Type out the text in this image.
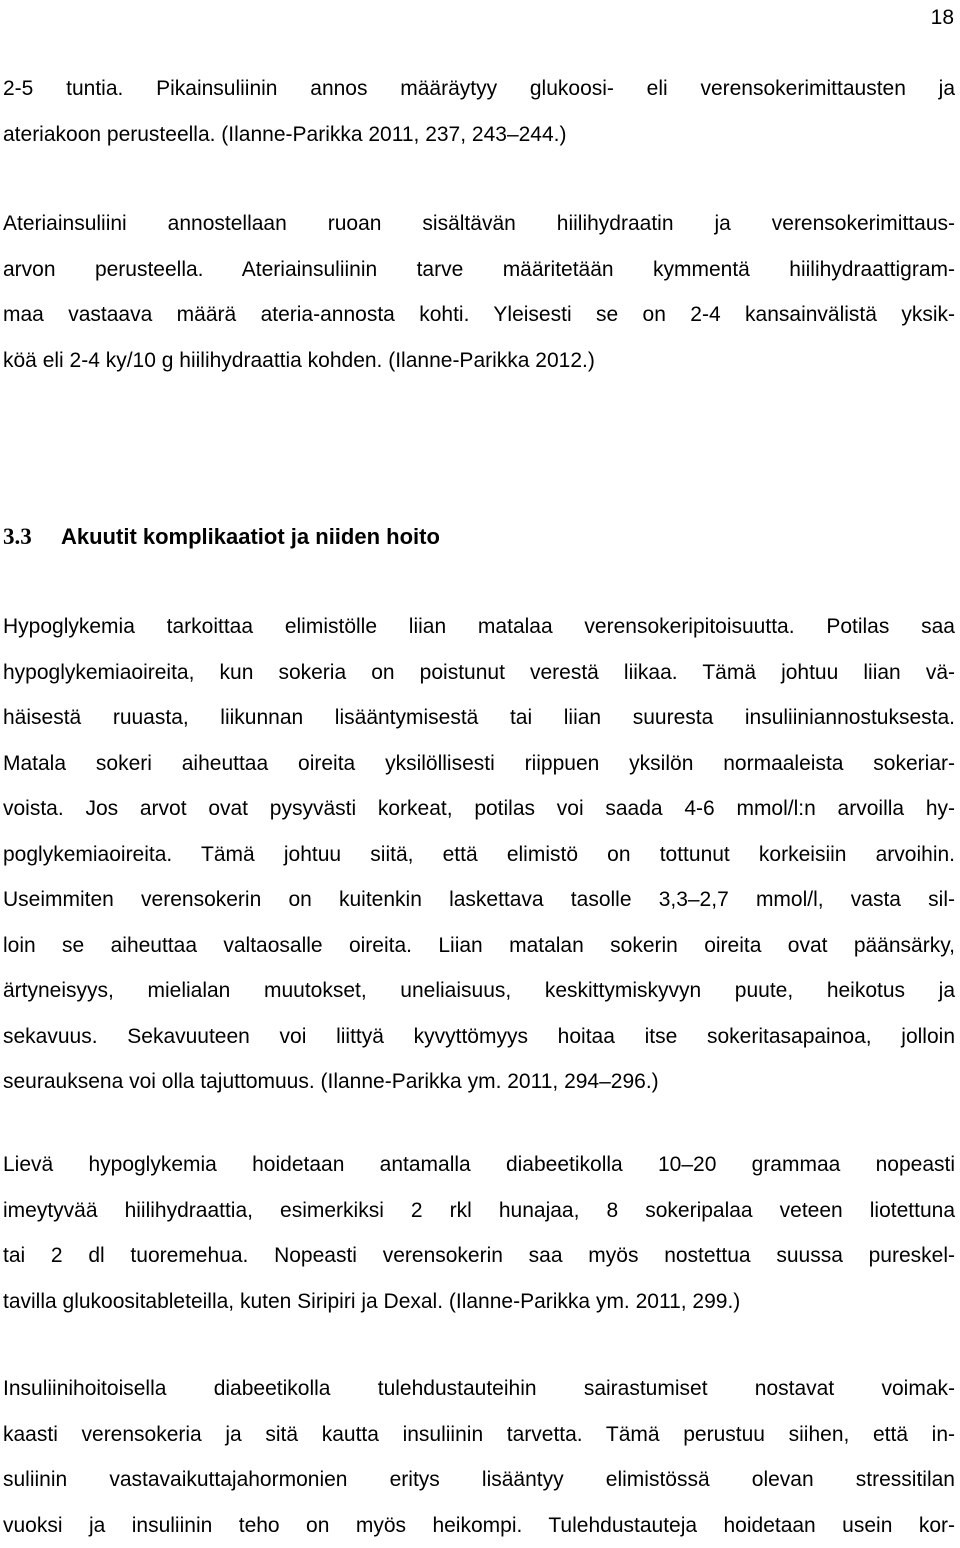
18
2-5 tuntia. Pikainsuliinin annos määräytyy glukoosi- eli verensokerimittausten ja
ateriakoon perusteella. (Ilanne-Parikka 2011, 237, 243–244.)
Ateriainsuliini annostellaan ruoan sisältävän hiilihydraatin ja verensokerimittaus-
arvon perusteella. Ateriainsuliinin tarve määritetään kymmentä hiilihydraattigram-
maa vastaava määrä ateria-annosta kohti. Yleisesti se on 2-4 kansainvälistä yksik-
köä eli 2-4 ky/10 g hiilihydraattia kohden. (Ilanne-Parikka 2012.)
3.3 Akuutit komplikaatiot ja niiden hoito
Hypoglykemia tarkoittaa elimistölle liian matalaa verensokeripitoisuutta. Potilas saa
hypoglykemiaoireita, kun sokeria on poistunut verestä liikaa. Tämä johtuu liian vä-
häisestä ruuasta, liikunnan lisääntymisestä tai liian suuresta insuliiniannostuksesta.
Matala sokeri aiheuttaa oireita yksilöllisesti riippuen yksilön normaaleista sokeriar-
voista. Jos arvot ovat pysyvästi korkeat, potilas voi saada 4-6 mmol/l:n arvoilla hy-
poglykemiaoireita. Tämä johtuu siitä, että elimistö on tottunut korkeisiin arvoihin.
Useimmiten verensokerin on kuitenkin laskettava tasolle 3,3–2,7 mmol/l, vasta sil-
loin se aiheuttaa valtaosalle oireita. Liian matalan sokerin oireita ovat päänsärky,
ärtyneisyys, mielialan muutokset, uneliaisuus, keskittymiskyvyn puute, heikotus ja
sekavuus. Sekavuuteen voi liittyä kyvyttömyys hoitaa itse sokeritasapainoa, jolloin
seurauksena voi olla tajuttomuus. (Ilanne-Parikka ym. 2011, 294–296.)
Lievä hypoglykemia hoidetaan antamalla diabeetikolla 10–20 grammaa nopeasti
imeytyvää hiilihydraattia, esimerkiksi 2 rkl hunajaa, 8 sokeripalaa veteen liotettuna
tai 2 dl tuoremehua. Nopeasti verensokerin saa myös nostettua suussa pureskel-
tavilla glukoositableteilla, kuten Siripiri ja Dexal. (Ilanne-Parikka ym. 2011, 299.)
Insuliinihoitoisella diabeetikolla tulehdustauteihin sairastumiset nostavat voimak-
kaasti verensokeria ja sitä kautta insuliinin tarvetta. Tämä perustuu siihen, että in-
suliinin vastavaikuttajahormonien eritys lisääntyy elimistössä olevan stressitilan
vuoksi ja insuliinin teho on myös heikompi. Tulehdustauteja hoidetaan usein kor-
